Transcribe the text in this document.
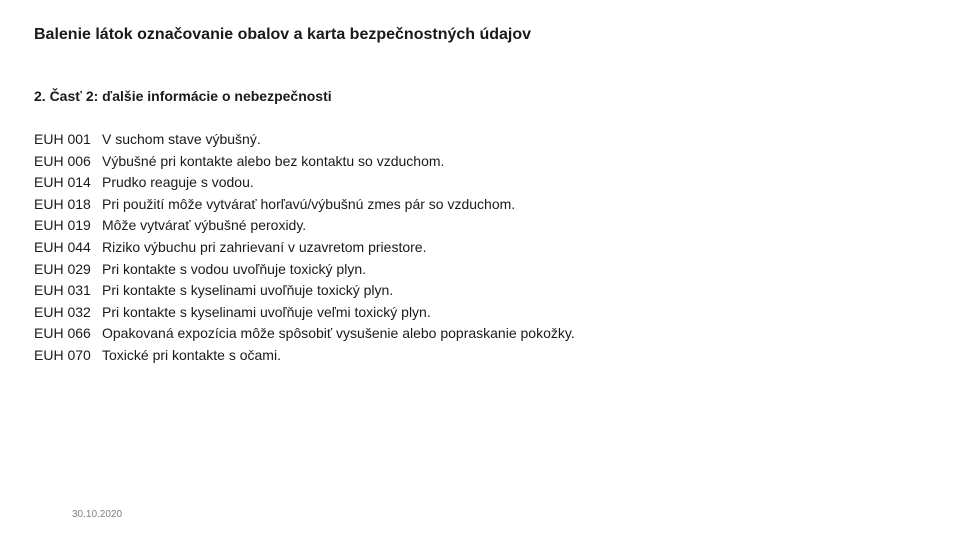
Balenie látok označovanie obalov a karta bezpečnostných údajov
2. Časť 2: ďalšie informácie o nebezpečnosti
EUH 001 V suchom stave výbušný.
EUH 006 Výbušné pri kontakte alebo bez kontaktu so vzduchom.
EUH 014 Prudko reaguje s vodou.
EUH 018 Pri použití môže vytvárať horľavú/výbušnú zmes pár so vzduchom.
EUH 019 Môže vytvárať výbušné peroxidy.
EUH 044 Riziko výbuchu pri zahrievaní v uzavretom priestore.
EUH 029 Pri kontakte s vodou uvoľňuje toxický plyn.
EUH 031 Pri kontakte s kyselinami uvoľňuje toxický plyn.
EUH 032 Pri kontakte s kyselinami uvoľňuje veľmi toxický plyn.
EUH 066 Opakovaná expozícia môže spôsobiť vysušenie alebo popraskanie pokožky.
EUH 070 Toxické pri kontakte s očami.
30.10.2020
